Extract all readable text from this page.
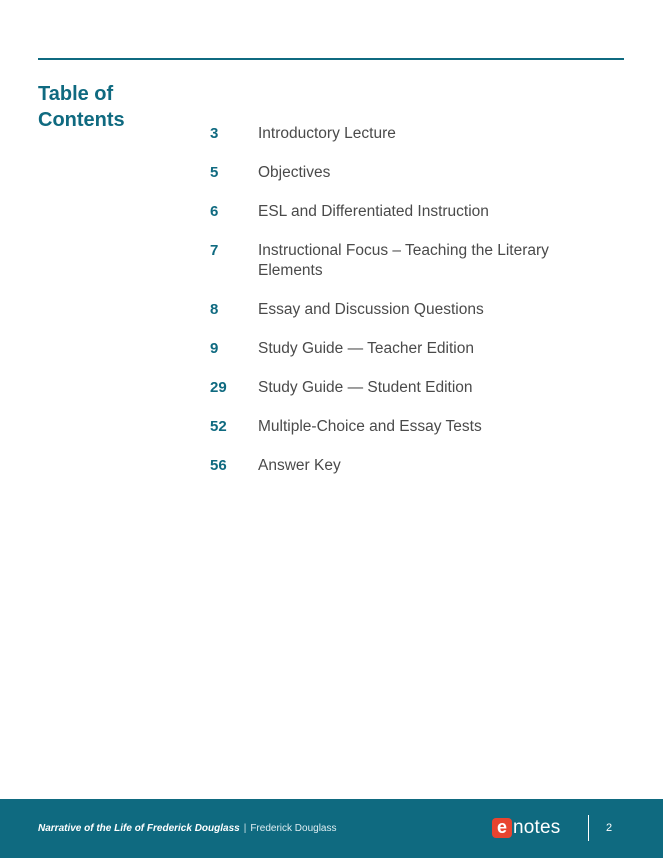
Table of Contents
3	Introductory Lecture
5	Objectives
6	ESL and Differentiated Instruction
7	Instructional Focus – Teaching the Literary Elements
8	Essay and Discussion Questions
9	Study Guide — Teacher Edition
29	Study Guide — Student Edition
52	Multiple-Choice and Essay Tests
56	Answer Key
Narrative of the Life of Frederick Douglass | Frederick Douglass	e notes	2
